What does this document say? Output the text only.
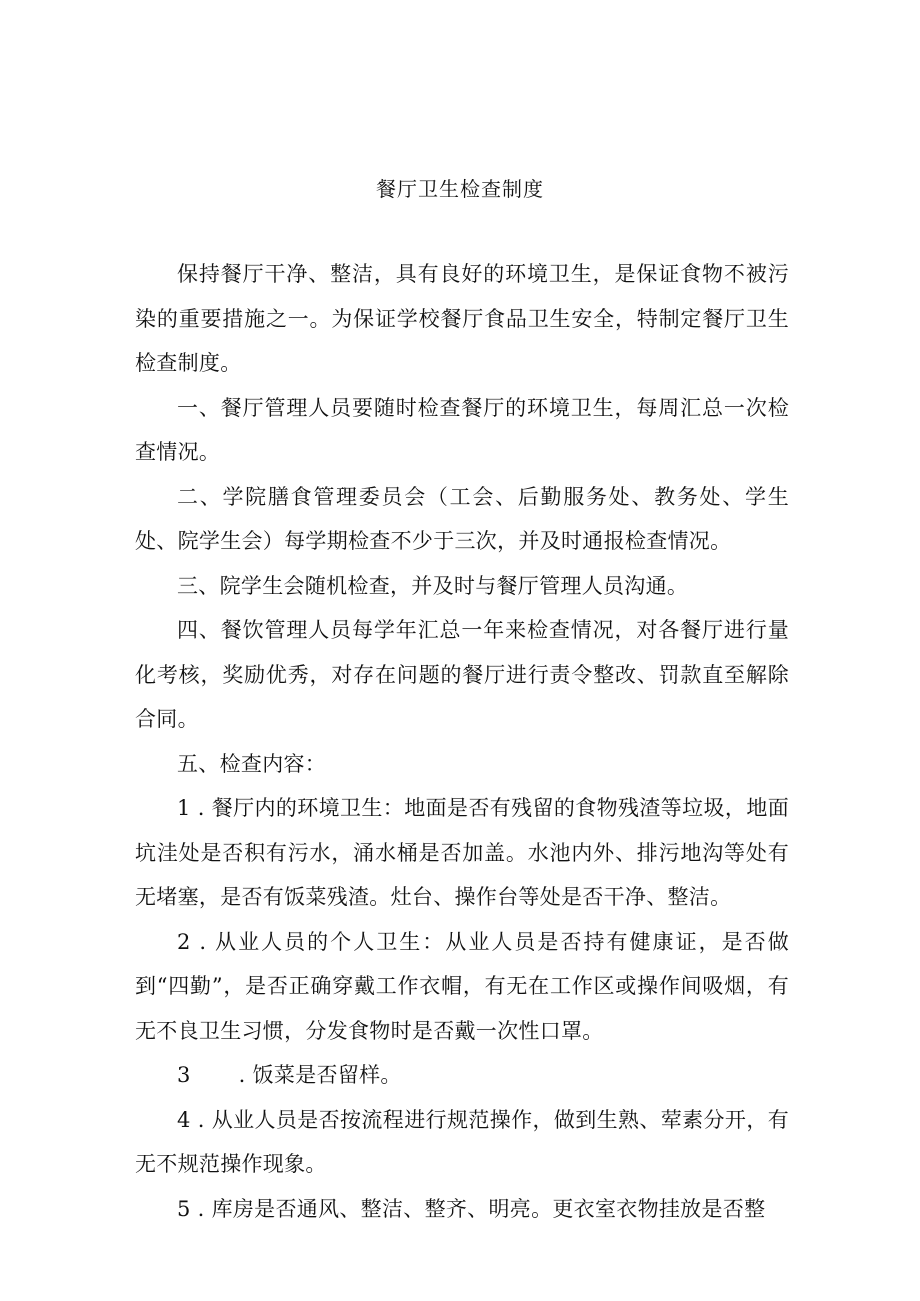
餐厅卫生检查制度

保持餐厅干净、整洁，具有良好的环境卫生，是保证食物不被污染的重要措施之一。为保证学校餐厅食品卫生安全，特制定餐厅卫生检查制度。

一、餐厅管理人员要随时检查餐厅的环境卫生，每周汇总一次检查情况。

二、学院膳食管理委员会（工会、后勤服务处、教务处、学生处、院学生会）每学期检查不少于三次，并及时通报检查情况。

三、院学生会随机检查，并及时与餐厅管理人员沟通。

四、餐饮管理人员每学年汇总一年来检查情况，对各餐厅进行量化考核，奖励优秀，对存在问题的餐厅进行责令整改、罚款直至解除合同。

五、检查内容：

1 . 餐厅内的环境卫生：地面是否有残留的食物残渣等垃圾，地面坑洼处是否积有污水，涌水桶是否加盖。水池内外、排污地沟等处有无堵塞，是否有饭菜残渣。灶台、操作台等处是否干净、整洁。

2 . 从业人员的个人卫生：从业人员是否持有健康证，是否做到“四勤”，是否正确穿戴工作衣帽，有无在工作区或操作间吸烟，有无不良卫生习惯，分发食物时是否戴一次性口罩。

3 . 饭菜是否留样。

4 . 从业人员是否按流程进行规范操作，做到生熟、荤素分开，有无不规范操作现象。

5 . 库房是否通风、整洁、整齐、明亮。更衣室衣物挂放是否整
